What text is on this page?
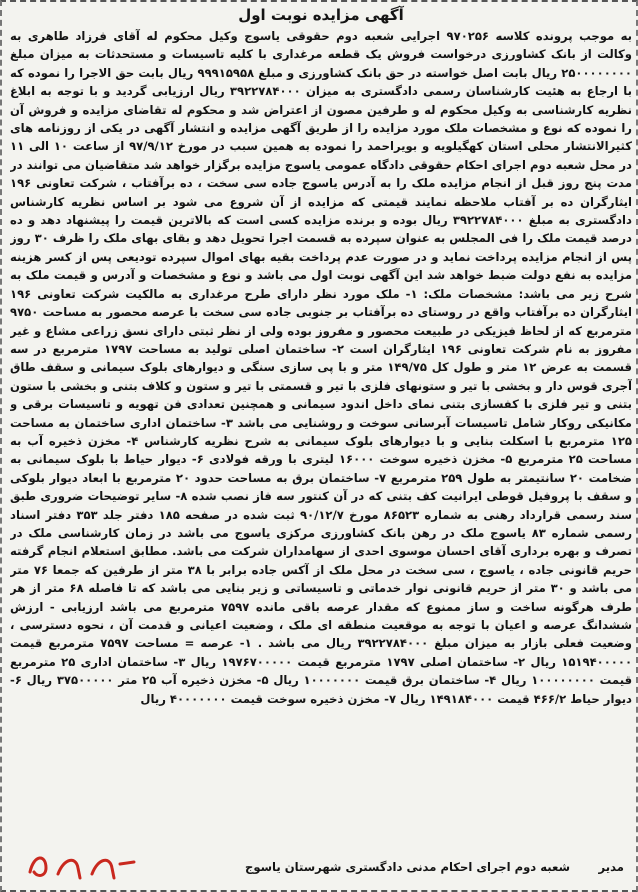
آگهی مزایده نوبت اول
به موجب پرونده کلاسه ۹۷۰۲۵۶ اجرایی شعبه دوم حقوقی یاسوج وکیل محکوم له آقای فرزاد طاهری به وکالت از بانک کشاورزی درخواست فروش یک قطعه مرغداری با کلیه تاسیسات و مستحدثات به میزان مبلغ ۲۵۰۰۰۰۰۰۰۰ ریال بابت اصل خواسته در حق بانک کشاورزی و مبلغ ۹۹۹۱۵۹۵۸ ریال بابت حق الاجرا را نموده که با ارجاع به هئیت کارشناسان رسمی دادگستری به میزان ۳۹۲۲۷۸۴۰۰۰ ریال ارزیابی گردید و با توجه به ابلاغ نظریه کارشناسی به وکیل محکوم له و طرفین مصون از اعتراض شد و محکوم له تقاضای مزایده و فروش آن را نموده که نوع و مشخصات ملک مورد مزایده را از طریق آگهی مزایده و انتشار آگهی در یکی از روزنامه های کثیرالانتشار محلی استان کهگیلویه و بویراحمد را نموده به همین سبب در مورخ ۹۷/۹/۱۲ از ساعت ۱۰ الی ۱۱ در محل شعبه دوم اجرای احکام حقوقی دادگاه عمومی یاسوج مزایده برگزار خواهد شد متقاضیان می توانند در مدت پنج روز قبل از انجام مزایده ملک را به آدرس یاسوج جاده سی سخت ، ده برآفتاب ، شرکت تعاونی ۱۹۶ ایثارگران ده بر آفتاب ملاحظه نمایند قیمتی که مزایده از آن شروع می شود بر اساس نظریه کارشناس دادگستری به مبلغ ۳۹۲۲۷۸۴۰۰۰ ریال بوده و برنده مزایده کسی است که بالاترین قیمت را پیشنهاد دهد و ده درصد قیمت ملک را فی المجلس به عنوان سپرده به قسمت اجرا تحویل دهد و بقای بهای ملک را ظرف ۳۰ روز پس از انجام مزایده پرداخت نماید و در صورت عدم پرداخت بقیه بهای اموال سپرده تودیعی پس از کسر هزینه مزایده به نفع دولت ضبط خواهد شد این آگهی نوبت اول می باشد و نوع و مشخصات و آدرس و قیمت ملک به شرح زیر می باشد: مشخصات ملک: ۱- ملک مورد نظر دارای طرح مرغداری به مالکیت شرکت تعاونی ۱۹۶ ایثارگران ده برآفتاب واقع در روستای ده برآفتاب بر جنوبی جاده سی سخت با عرصه محصور به مساحت ۹۷۵۰ مترمربع که از لحاظ فیزیکی در طبیعت محصور و مفروز بوده ولی از نظر ثبتی دارای نسق زراعی مشاع و غیر مفروز به نام شرکت تعاونی ۱۹۶ ایثارگران است ۲- ساختمان اصلی تولید به مساحت ۱۷۹۷ مترمربع در سه قسمت به عرض ۱۲ متر و طول کل ۱۴۹/۷۵ متر و با پی سازی سنگی و دیوارهای بلوک سیمانی و سقف طاق آجری قوس دار و بخشی با تیر و ستونهای فلزی با تیر و قسمتی با تیر و ستون و کلاف بتنی و بخشی با ستون بتنی و تیر فلزی با کفسازی بتنی نمای داخل اندود سیمانی و همچنین تعدادی فن تهویه و تاسیسات برقی و مکانیکی روکار شامل تاسیسات آبرسانی سوخت و روشنایی می باشد ۳- ساختمان اداری ساختمان به مساحت ۱۲۵ مترمربع با اسکلت بنایی و با دیوارهای بلوک سیمانی به شرح نظریه کارشناس ۴- مخزن ذخیره آب به مساحت ۲۵ مترمربع ۵- مخزن ذخیره سوخت ۱۶۰۰۰ لیتری با ورقه فولادی ۶- دیوار حیاط با بلوک سیمانی به ضخامت ۲۰ سانتیمتر به طول ۲۵۹ مترمربع ۷- ساختمان برق به مساحت حدود ۲۰ مترمربع با ابعاد دیوار بلوکی و سقف با پروفیل قوطی ایرانیت کف بتنی که در آن کنتور سه فاز نصب شده ۸- سایر توضیحات ضروری طبق سند رسمی قرارداد رهنی به شماره ۸۶۵۲۳ مورخ ۹۰/۱۲/۷ ثبت شده در صفحه ۱۸۵ دفتر جلد ۳۵۳ دفتر اسناد رسمی شماره ۸۳ یاسوج ملک در رهن بانک کشاورزی مرکزی یاسوج می باشد در زمان کارشناسی ملک در تصرف و بهره برداری آقای احسان موسوی احدی از سهامداران شرکت می باشد. مطابق استعلام انجام گرفته حریم قانونی جاده ، یاسوج ، سی سخت در محل ملک از آکس جاده برابر با ۳۸ متر از طرفین که جمعا ۷۶ متر می باشد و ۳۰ متر از حریم قانونی نوار خدماتی و تاسیساتی و زیر بنایی می باشد که تا فاصله ۶۸ متر از هر طرف هرگونه ساخت و ساز ممنوع که مقدار عرصه باقی مانده ۷۵۹۷ مترمربع می باشد ارزیابی - ارزش ششدانگ عرصه و اعیان با توجه به موقعیت منطقه ای ملک ، وضعیت اعیانی و قدمت آن ، نحوه دسترسی ، وضعیت فعلی بازار به میزان مبلغ ۳۹۲۲۷۸۴۰۰۰ ریال می باشد . ۱- عرصه = مساحت ۷۵۹۷ مترمربع قیمت ۱۵۱۹۴۰۰۰۰۰ ریال ۲- ساختمان اصلی ۱۷۹۷ مترمربع قیمت ۱۹۷۶۷۰۰۰۰۰ ریال ۳- ساختمان اداری ۲۵ مترمربع قیمت ۱۰۰۰۰۰۰۰۰ ریال ۴- ساختمان برق قیمت ۱۰۰۰۰۰۰۰ ریال ۵- مخزن ذخیره آب ۲۵ متر ۳۷۵۰۰۰۰۰ ریال ۶- دیوار حیاط ۴۶۶/۲ قیمت ۱۴۹۱۸۴۰۰۰ ریال ۷- مخزن ذخیره سوخت قیمت ۴۰۰۰۰۰۰۰ ریال
مدیر
شعبه دوم اجرای احکام مدنی دادگستری شهرستان یاسوج
